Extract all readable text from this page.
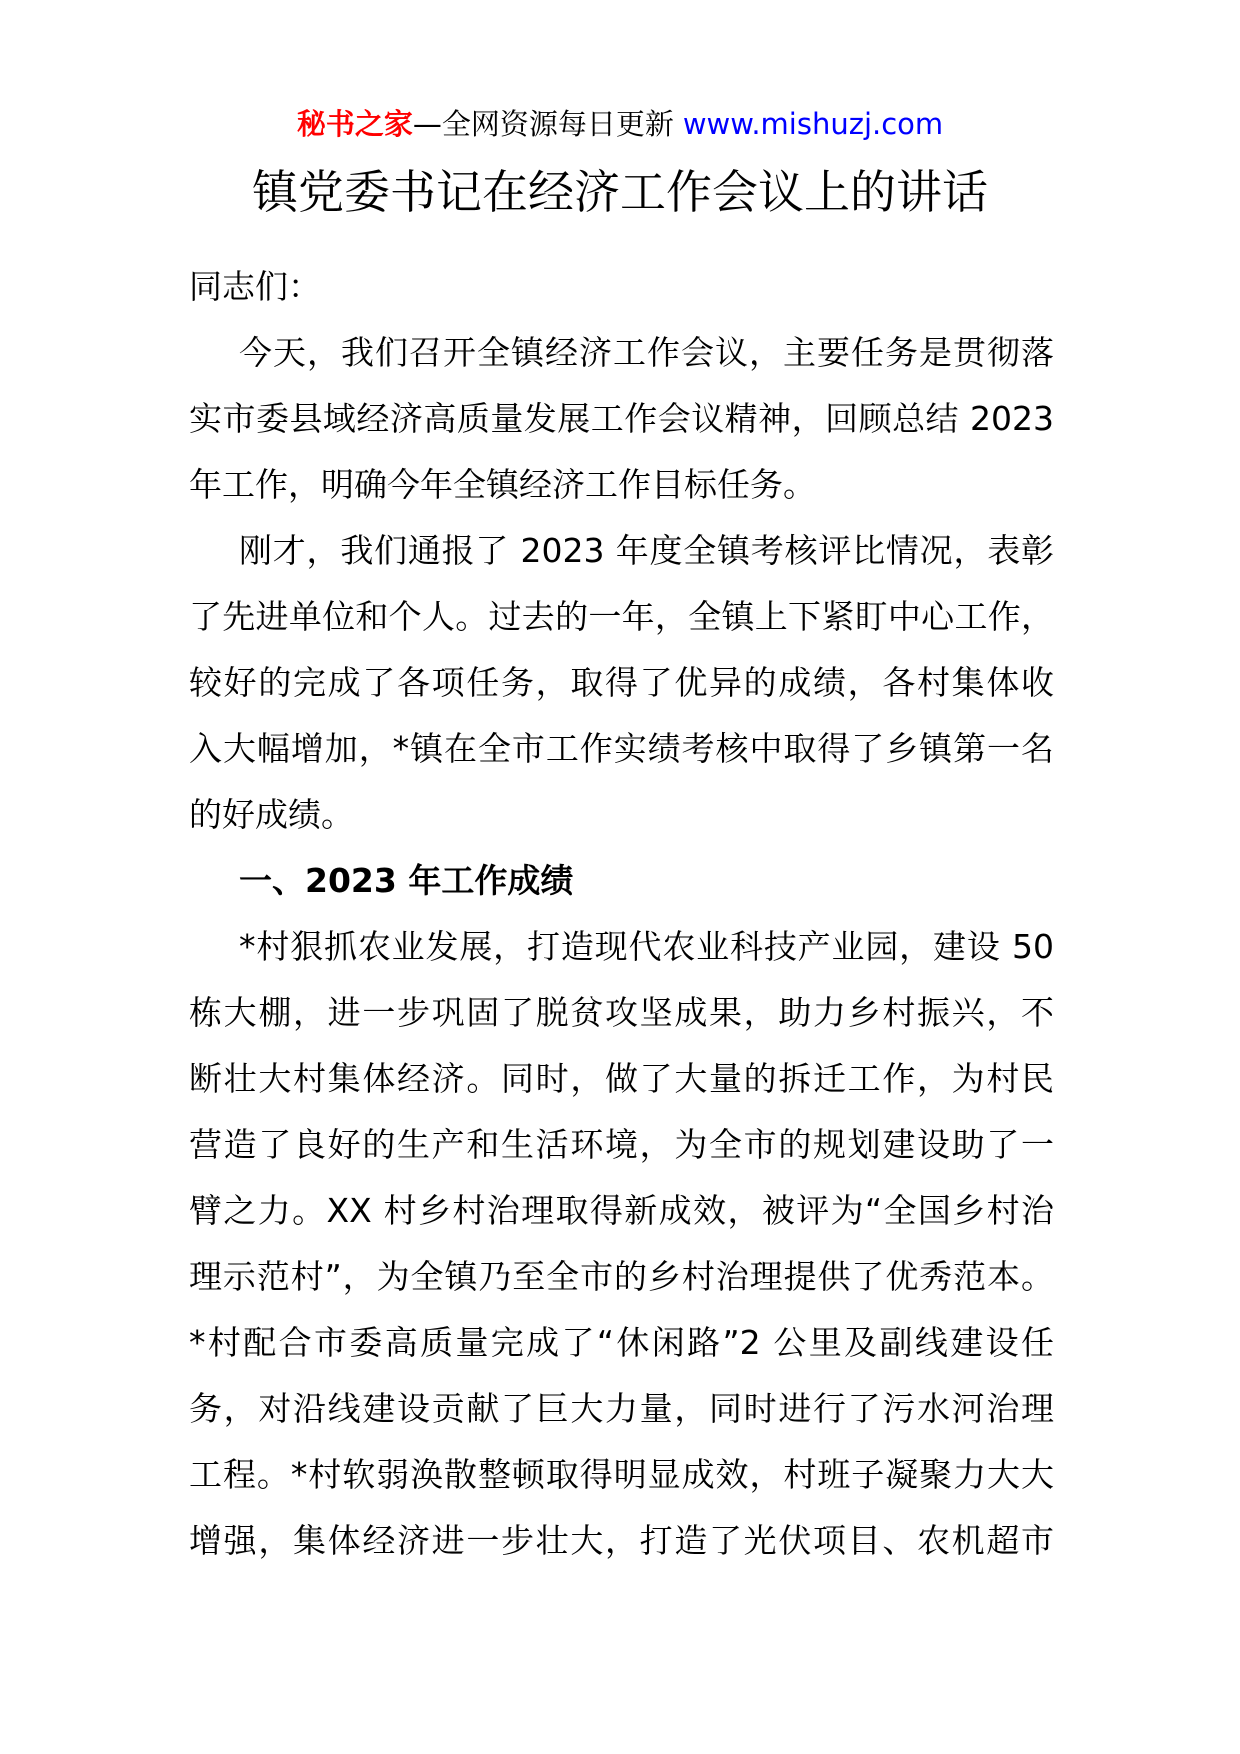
秘书之家—全网资源每日更新 www.mishuzj.com
镇党委书记在经济工作会议上的讲话
同志们：
今天，我们召开全镇经济工作会议，主要任务是贯彻落
实市委县域经济高质量发展工作会议精神，回顾总结 2023
年工作，明确今年全镇经济工作目标任务。
刚才，我们通报了 2023 年度全镇考核评比情况，表彰
了先进单位和个人。过去的一年，全镇上下紧盯中心工作，
较好的完成了各项任务，取得了优异的成绩，各村集体收
入大幅增加，*镇在全市工作实绩考核中取得了乡镇第一名
的好成绩。
一、2023 年工作成绩
*村狠抓农业发展，打造现代农业科技产业园，建设 50
栋大棚，进一步巩固了脱贫攻坚成果，助力乡村振兴，不
断壮大村集体经济。同时，做了大量的拆迁工作，为村民
营造了良好的生产和生活环境，为全市的规划建设助了一
臂之力。XX 村乡村治理取得新成效，被评为“全国乡村治
理示范村”，为全镇乃至全市的乡村治理提供了优秀范本。
*村配合市委高质量完成了“休闲路”2 公里及副线建设任
务，对沿线建设贡献了巨大力量，同时进行了污水河治理
工程。*村软弱涣散整顿取得明显成效，村班子凝聚力大大
增强，集体经济进一步壮大，打造了光伏项目、农机超市
